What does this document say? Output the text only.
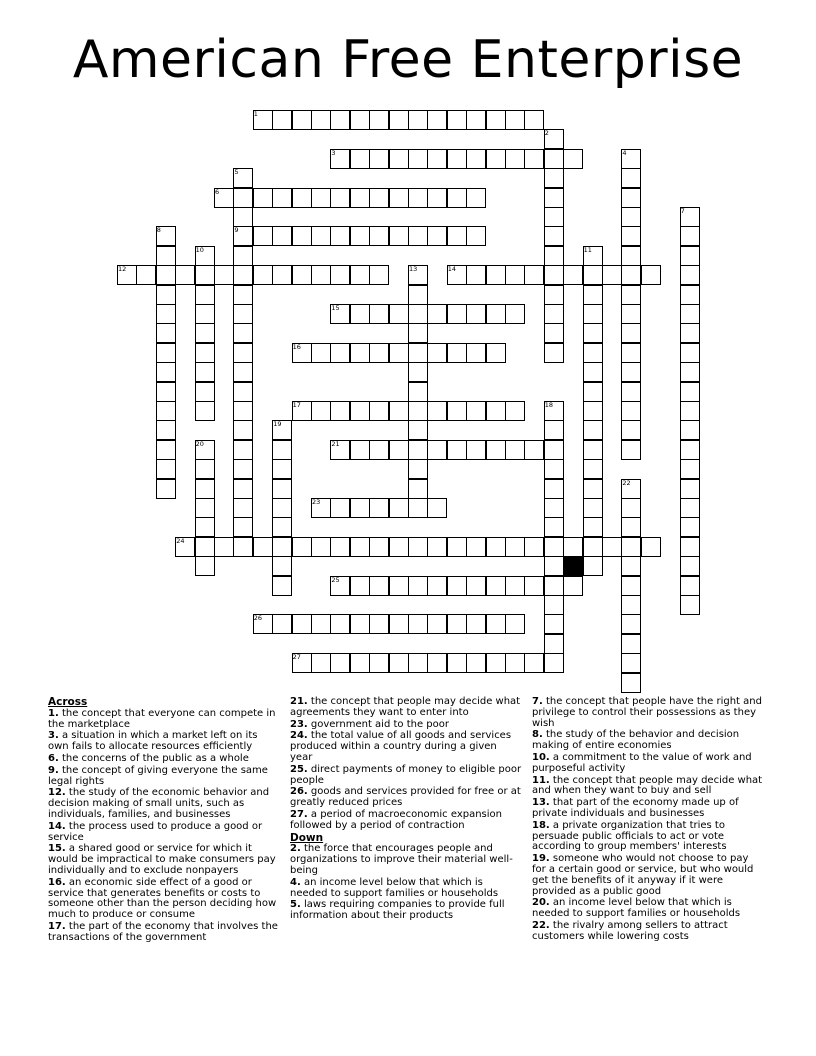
American Free Enterprise
1
2
3	4
5
6
7
8	9
10	11
12	13	14
15
16
17	18
19
20	21
22
23
24
25
26
27

Across

1. the concept that everyone can compete in the marketplace

3. a situation in which a market left on its own fails to allocate resources efficiently

6. the concerns of the public as a whole

9. the concept of giving everyone the same legal rights

12. the study of the economic behavior and decision making of small units, such as individuals, families, and businesses

14. the process used to produce a good or service

15. a shared good or service for which it would be impractical to make consumers pay individually and to exclude nonpayers

16. an economic side effect of a good or service that generates benefits or costs to someone other than the person deciding how much to produce or consume

17. the part of the economy that involves the transactions of the government

21. the concept that people may decide what agreements they want to enter into

23. government aid to the poor

24. the total value of all goods and services produced within a country during a given year

25. direct payments of money to eligible poor people

26. goods and services provided for free or at greatly reduced prices

27. a period of macroeconomic expansion followed by a period of contraction

Down

2. the force that encourages people and organizations to improve their material well-being

4. an income level below that which is needed to support families or households

5. laws requiring companies to provide full information about their products

7. the concept that people have the right and privilege to control their possessions as they wish

8. the study of the behavior and decision making of entire economies

10. a commitment to the value of work and purposeful activity

11. the concept that people may decide what and when they want to buy and sell

13. that part of the economy made up of private individuals and businesses

18. a private organization that tries to persuade public officials to act or vote according to group members' interests

19. someone who would not choose to pay for a certain good or service, but who would get the benefits of it anyway if it were provided as a public good

20. an income level below that which is needed to support families or households

22. the rivalry among sellers to attract customers while lowering costs
